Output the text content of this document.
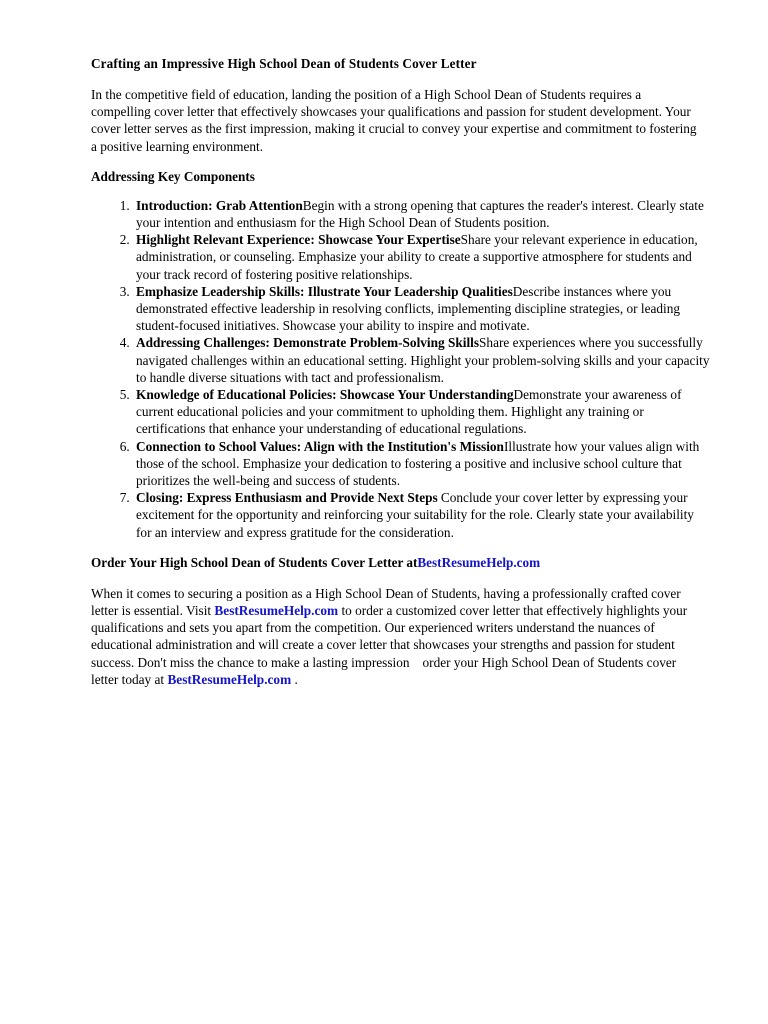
Crafting an Impressive High School Dean of Students Cover Letter

In the competitive field of education, landing the position of a High School Dean of Students requires a compelling cover letter that effectively showcases your qualifications and passion for student development. Your cover letter serves as the first impression, making it crucial to convey your expertise and commitment to fostering a positive learning environment.

Addressing Key Components
1. Introduction: Grab AttentionBegin with a strong opening that captures the reader's interest. Clearly state your intention and enthusiasm for the High School Dean of Students position.
2. Highlight Relevant Experience: Showcase Your ExpertiseShare your relevant experience in education, administration, or counseling. Emphasize your ability to create a supportive atmosphere for students and your track record of fostering positive relationships.
3. Emphasize Leadership Skills: Illustrate Your Leadership QualitiesDescribe instances where you demonstrated effective leadership in resolving conflicts, implementing discipline strategies, or leading student-focused initiatives. Showcase your ability to inspire and motivate.
4. Addressing Challenges: Demonstrate Problem-Solving SkillsShare experiences where you successfully navigated challenges within an educational setting. Highlight your problem-solving skills and your capacity to handle diverse situations with tact and professionalism.
5. Knowledge of Educational Policies: Showcase Your UnderstandingDemonstrate your awareness of current educational policies and your commitment to upholding them. Highlight any training or certifications that enhance your understanding of educational regulations.
6. Connection to School Values: Align with the Institution's MissionIllustrate how your values align with those of the school. Emphasize your dedication to fostering a positive and inclusive school culture that prioritizes the well-being and success of students.
7. Closing: Express Enthusiasm and Provide Next Steps Conclude your cover letter by expressing your excitement for the opportunity and reinforcing your suitability for the role. Clearly state your availability for an interview and express gratitude for the consideration.
Order Your High School Dean of Students Cover Letter atBestResumeHelp.com

When it comes to securing a position as a High School Dean of Students, having a professionally crafted cover letter is essential. Visit BestResumeHelp.com to order a customized cover letter that effectively highlights your qualifications and sets you apart from the competition. Our experienced writers understand the nuances of educational administration and will create a cover letter that showcases your strengths and passion for student success. Don't miss the chance to make a lasting impression order your High School Dean of Students cover letter today at BestResumeHelp.com .
